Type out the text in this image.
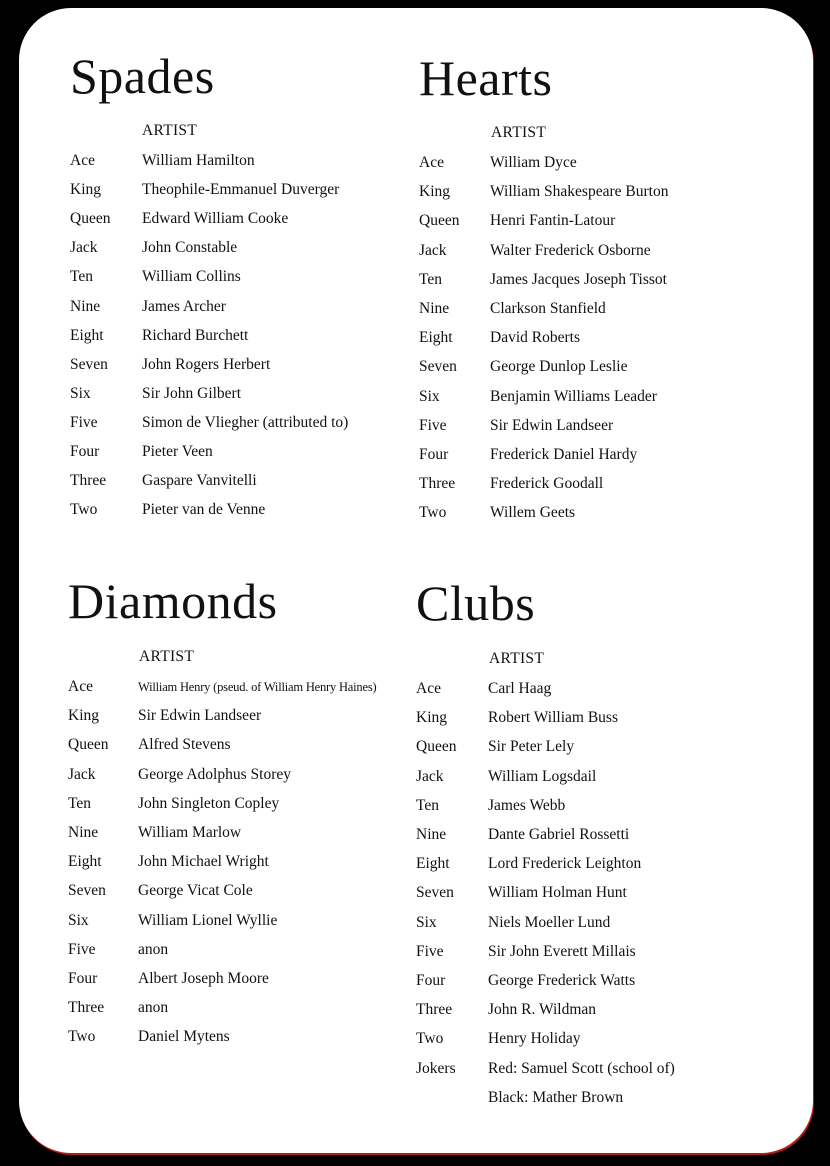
Spades
ARTIST
Ace	William Hamilton
King	Theophile-Emmanuel Duverger
Queen Edward William Cooke
Jack	John Constable
Ten	William Collins
Nine	James Archer
Eight Richard Burchett
Seven John Rogers Herbert
Six	Sir John Gilbert
Five	Simon de Vliegher (attributed to)
Four	Pieter Veen
Three Gaspare Vanvitelli
Two	Pieter van de Venne
Hearts
ARTIST
Ace	William Dyce
King	William Shakespeare Burton
Queen Henri Fantin-Latour
Jack	Walter Frederick Osborne
Ten	James Jacques Joseph Tissot
Nine	Clarkson Stanfield
Eight David Roberts
Seven George Dunlop Leslie
Six	Benjamin Williams Leader
Five	Sir Edwin Landseer
Four	Frederick Daniel Hardy
Three Frederick Goodall
Two	Willem Geets
Diamonds
ARTIST
Ace	William Henry (pseud. of William Henry Haines)
King	Sir Edwin Landseer
Queen Alfred Stevens
Jack	George Adolphus Storey
Ten	John Singleton Copley
Nine	William Marlow
Eight John Michael Wright
Seven George Vicat Cole
Six	William Lionel Wyllie
Five	anon
Four	Albert Joseph Moore
Three anon
Two	Daniel Mytens
Clubs
ARTIST
Ace	Carl Haag
King	Robert William Buss
Queen Sir Peter Lely
Jack	William Logsdail
Ten	James Webb
Nine	Dante Gabriel Rossetti
Eight Lord Frederick Leighton
Seven William Holman Hunt
Six	Niels Moeller Lund
Five	Sir John Everett Millais
Four	George Frederick Watts
Three John R. Wildman
Two	Henry Holiday
Jokers Red: Samuel Scott (school of)
Black: Mather Brown
